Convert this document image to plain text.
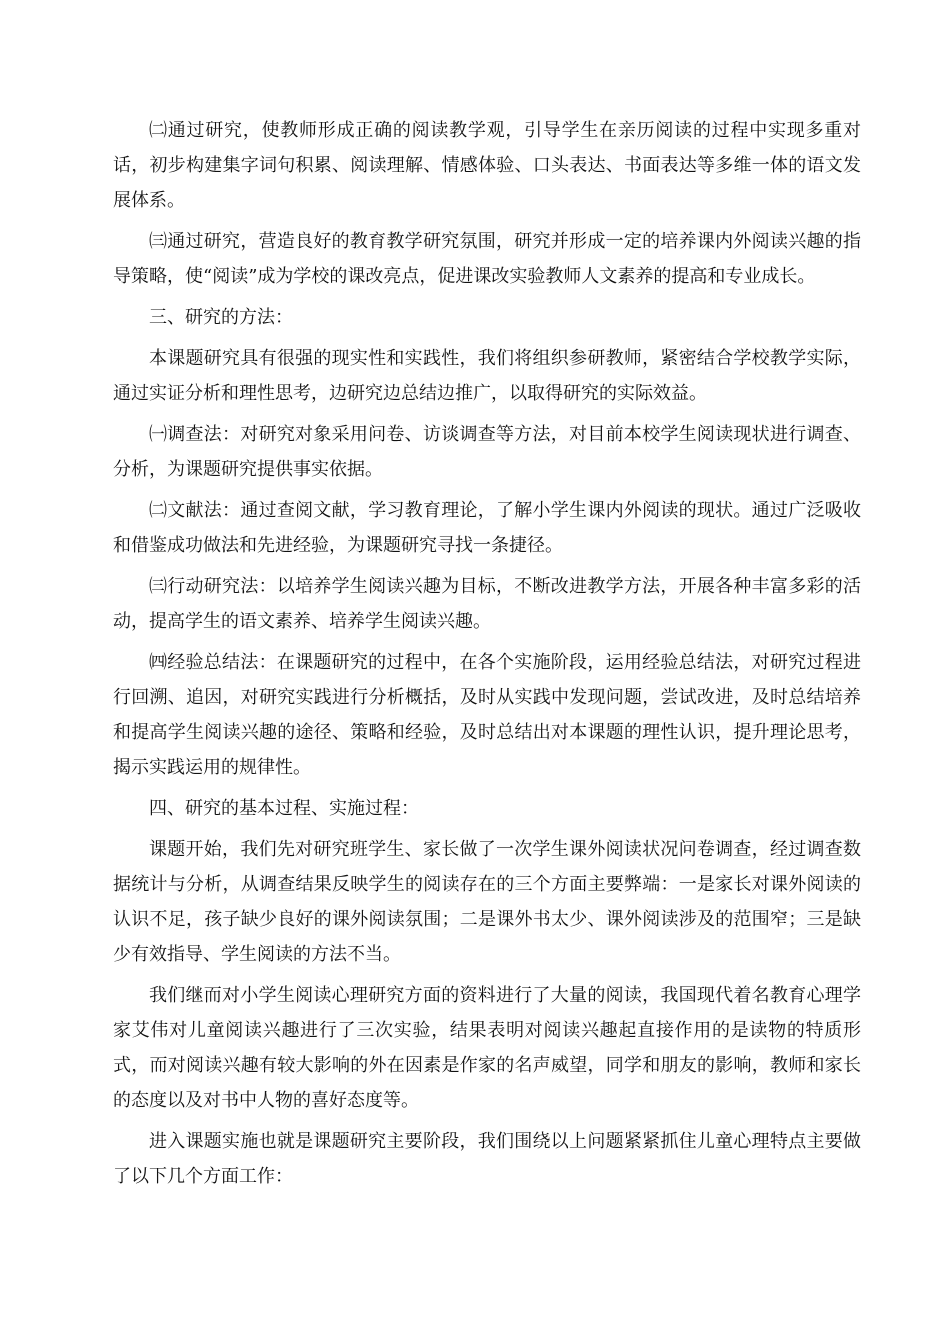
㈡通过研究，使教师形成正确的阅读教学观，引导学生在亲历阅读的过程中实现多重对话，初步构建集字词句积累、阅读理解、情感体验、口头表达、书面表达等多维一体的语文发展体系。

㈢通过研究，营造良好的教育教学研究氛围，研究并形成一定的培养课内外阅读兴趣的指导策略，使“阅读”成为学校的课改亮点，促进课改实验教师人文素养的提高和专业成长。

三、研究的方法：

本课题研究具有很强的现实性和实践性，我们将组织参研教师，紧密结合学校教学实际，通过实证分析和理性思考，边研究边总结边推广，以取得研究的实际效益。

㈠调查法：对研究对象采用问卷、访谈调查等方法，对目前本校学生阅读现状进行调查、分析，为课题研究提供事实依据。

㈡文献法：通过查阅文献，学习教育理论，了解小学生课内外阅读的现状。通过广泛吸收和借鉴成功做法和先进经验，为课题研究寻找一条捷径。

㈢行动研究法：以培养学生阅读兴趣为目标，不断改进教学方法，开展各种丰富多彩的活动，提高学生的语文素养、培养学生阅读兴趣。

㈣经验总结法：在课题研究的过程中，在各个实施阶段，运用经验总结法，对研究过程进行回溯、追因，对研究实践进行分析概括，及时从实践中发现问题，尝试改进，及时总结培养和提高学生阅读兴趣的途径、策略和经验，及时总结出对本课题的理性认识，提升理论思考，揭示实践运用的规律性。

四、研究的基本过程、实施过程：

课题开始，我们先对研究班学生、家长做了一次学生课外阅读状况问卷调查，经过调查数据统计与分析，从调查结果反映学生的阅读存在的三个方面主要弊端：一是家长对课外阅读的认识不足，孩子缺少良好的课外阅读氛围；二是课外书太少、课外阅读涉及的范围窄；三是缺少有效指导、学生阅读的方法不当。

我们继而对小学生阅读心理研究方面的资料进行了大量的阅读，我国现代着名教育心理学家艾伟对儿童阅读兴趣进行了三次实验，结果表明对阅读兴趣起直接作用的是读物的特质形式，而对阅读兴趣有较大影响的外在因素是作家的名声威望，同学和朋友的影响，教师和家长的态度以及对书中人物的喜好态度等。

进入课题实施也就是课题研究主要阶段，我们围绕以上问题紧紧抓住儿童心理特点主要做了以下几个方面工作：
